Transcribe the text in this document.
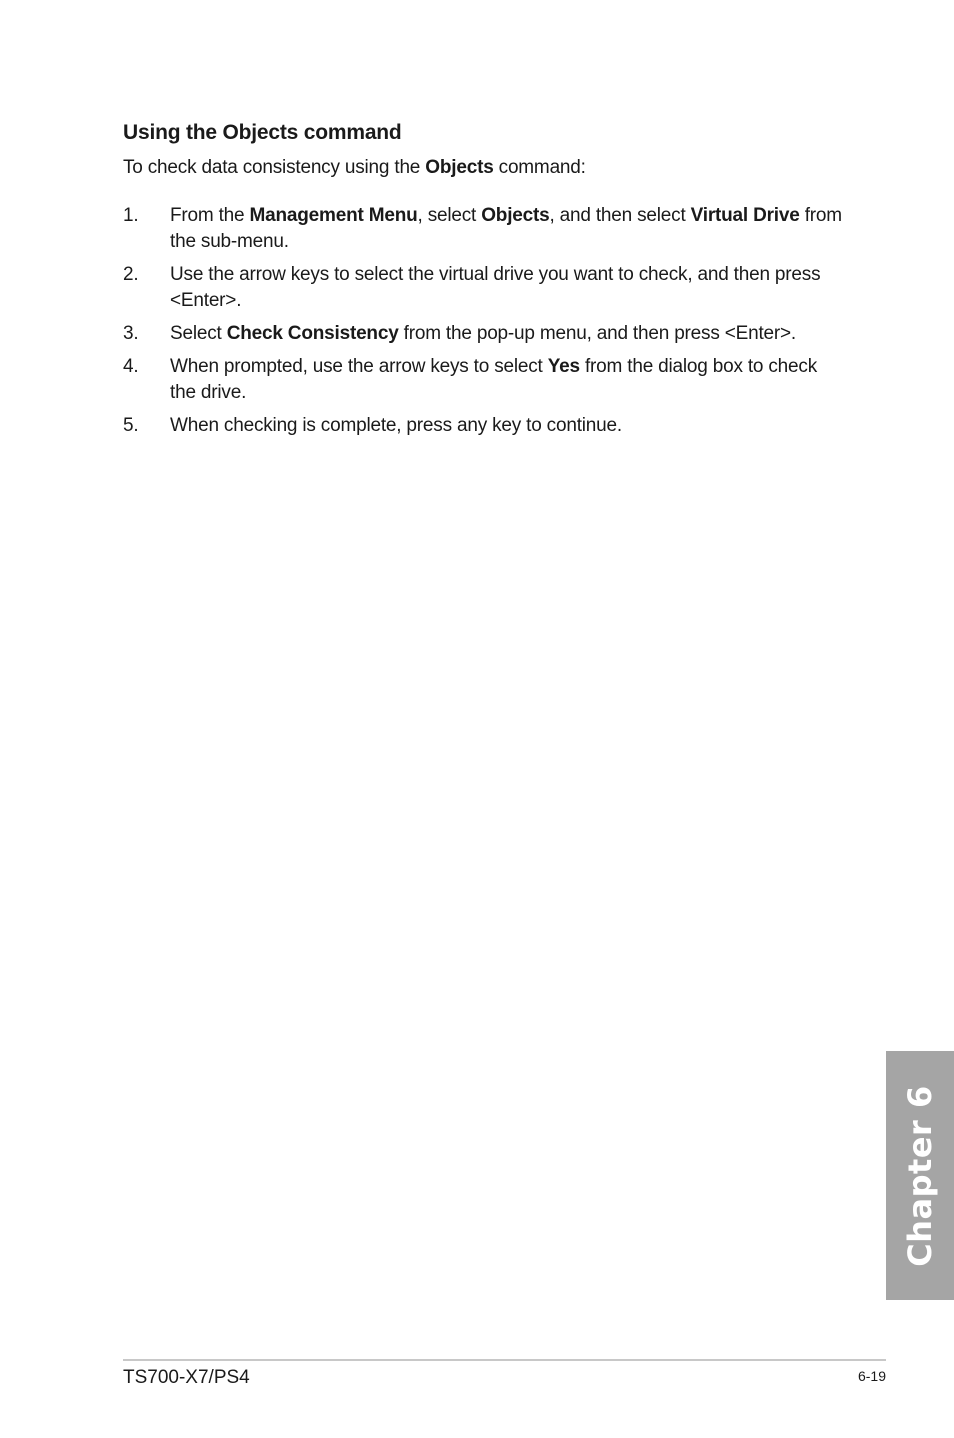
Using the Objects command
To check data consistency using the Objects command:
1.	From the Management Menu, select Objects, and then select Virtual Drive from the sub-menu.
2.	Use the arrow keys to select the virtual drive you want to check, and then press <Enter>.
3.	Select Check Consistency from the pop-up menu, and then press <Enter>.
4.	When prompted, use the arrow keys to select Yes from the dialog box to check the drive.
5.	When checking is complete, press any key to continue.
Chapter 6
TS700-X7/PS4	6-19
